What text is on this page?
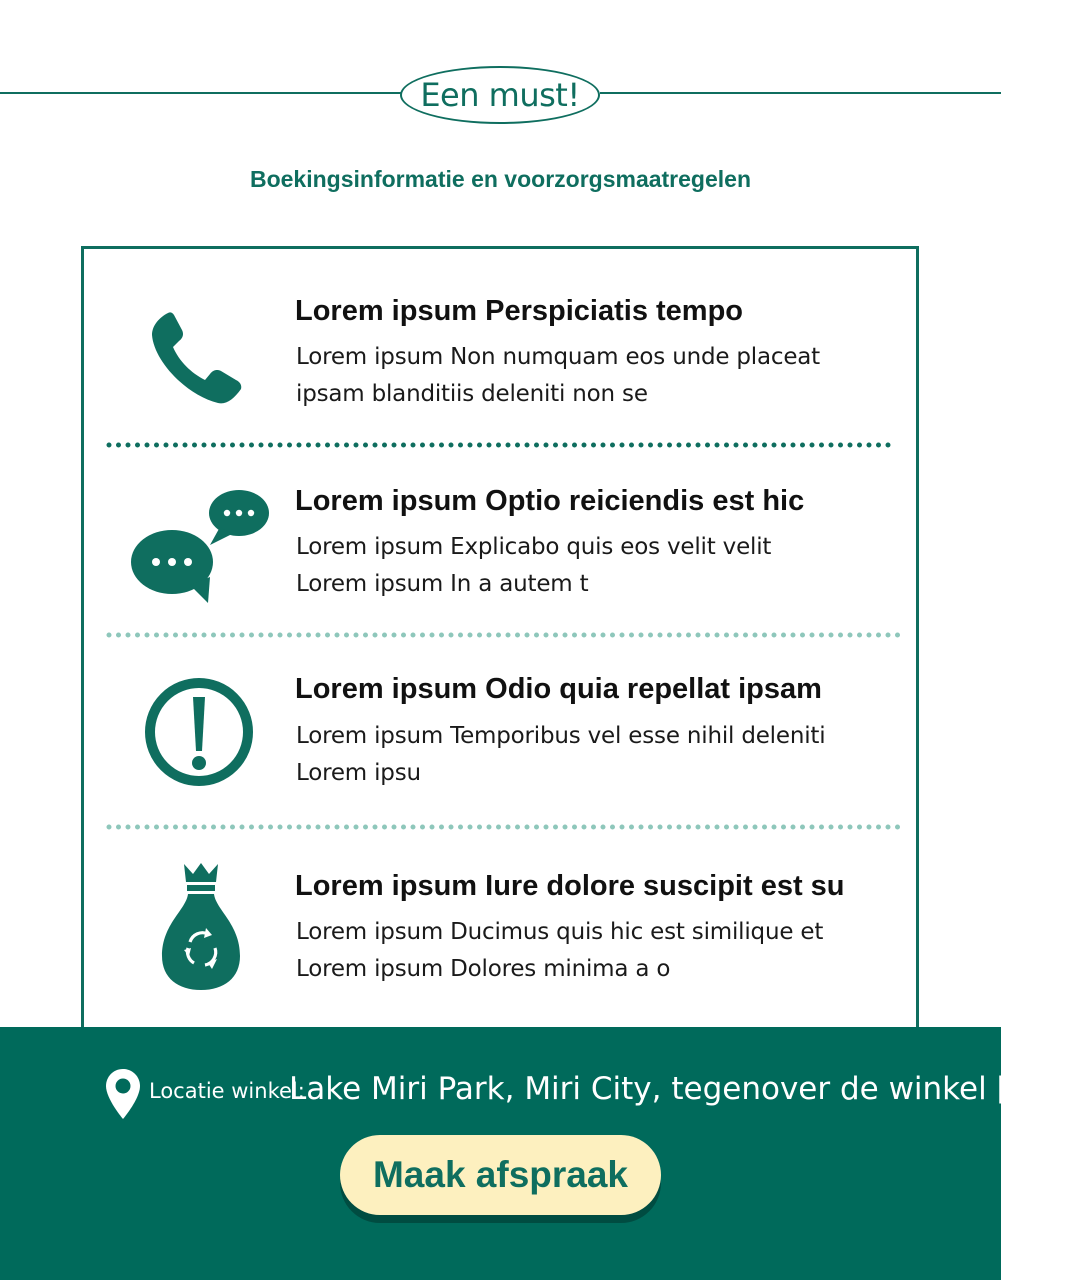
Een must!
Boekingsinformatie en voorzorgsmaatregelen
Lorem ipsum Perspiciatis tempo
Lorem ipsum Non numquam eos unde placeat
ipsam blanditiis deleniti non se
Lorem ipsum Optio reiciendis est hic
Lorem ipsum Explicabo quis eos velit velit
Lorem ipsum In a autem t
Lorem ipsum Odio quia repellat ipsam
Lorem ipsum Temporibus vel esse nihil deleniti
Lorem ipsu
Lorem ipsum Iure dolore suscipit est su
Lorem ipsum Ducimus quis hic est similique et
Lorem ipsum Dolores minima a o
Locatie winkel:
Lake Miri Park, Miri City, tegenover de winkel [Pickn
Maak afspraak
